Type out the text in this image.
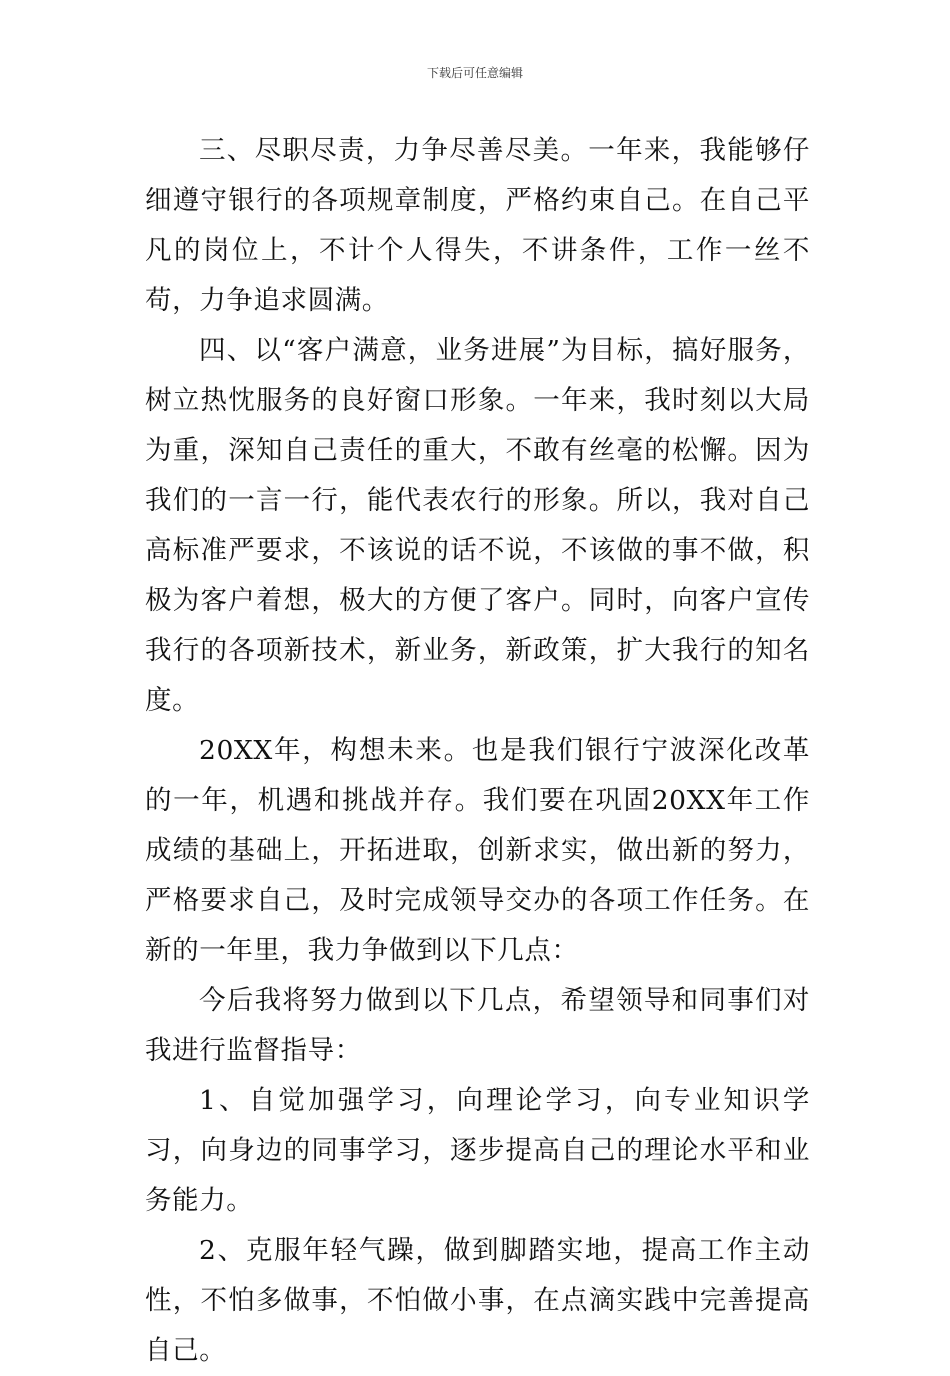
下载后可任意编辑

三、尽职尽责，力争尽善尽美。一年来，我能够仔细遵守银行的各项规章制度，严格约束自己。在自己平凡的岗位上，不计个人得失，不讲条件，工作一丝不苟，力争追求圆满。

四、以“客户满意，业务进展”为目标，搞好服务，树立热忱服务的良好窗口形象。一年来，我时刻以大局为重，深知自己责任的重大，不敢有丝毫的松懈。因为我们的一言一行，能代表农行的形象。所以，我对自己高标准严要求，不该说的话不说，不该做的事不做，积极为客户着想，极大的方便了客户。同时，向客户宣传我行的各项新技术，新业务，新政策，扩大我行的知名度。

20XX年，构想未来。也是我们银行宁波深化改革的一年，机遇和挑战并存。我们要在巩固20XX年工作成绩的基础上，开拓进取，创新求实，做出新的努力，严格要求自己，及时完成领导交办的各项工作任务。在新的一年里，我力争做到以下几点：

今后我将努力做到以下几点，希望领导和同事们对我进行监督指导：

1、自觉加强学习，向理论学习，向专业知识学习，向身边的同事学习，逐步提高自己的理论水平和业务能力。

2、克服年轻气躁，做到脚踏实地，提高工作主动性，不怕多做事，不怕做小事，在点滴实践中完善提高自己。
